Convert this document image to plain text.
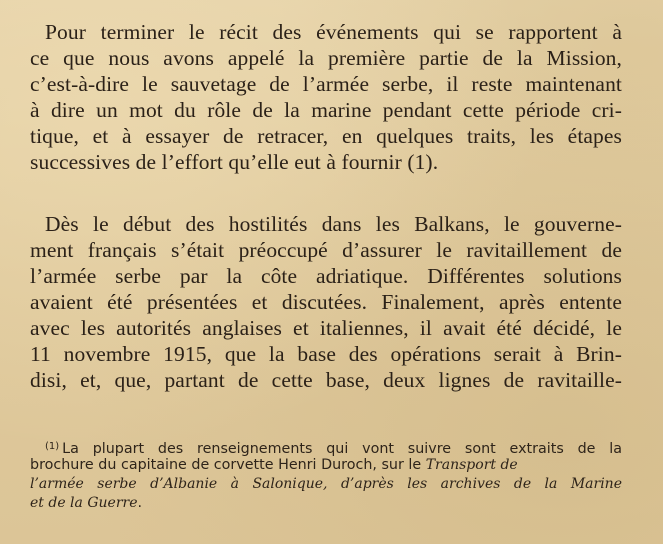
Pour terminer le récit des événements qui se rapportent à
ce que nous avons appelé la première partie de la Mission,
c’est-à-dire le sauvetage de l’armée serbe, il reste maintenant
à dire un mot du rôle de la marine pendant cette période cri-
tique, et à essayer de retracer, en quelques traits, les étapes
successives de l’effort qu’elle eut à fournir (1).
Dès le début des hostilités dans les Balkans, le gouverne-
ment français s’était préoccupé d’assurer le ravitaillement de
l’armée serbe par la côte adriatique. Différentes solutions
avaient été présentées et discutées. Finalement, après entente
avec les autorités anglaises et italiennes, il avait été décidé, le
11 novembre 1915, que la base des opérations serait à Brin-
disi, et, que, partant de cette base, deux lignes de ravitaille-
$^{(1)}$ La plupart des renseignements qui vont suivre sont extraits de la
brochure du capitaine de corvette Henri Duroch, sur le Transport de
l’armée serbe d’Albanie à Salonique, d’après les archives de la Marine
et de la Guerre.
